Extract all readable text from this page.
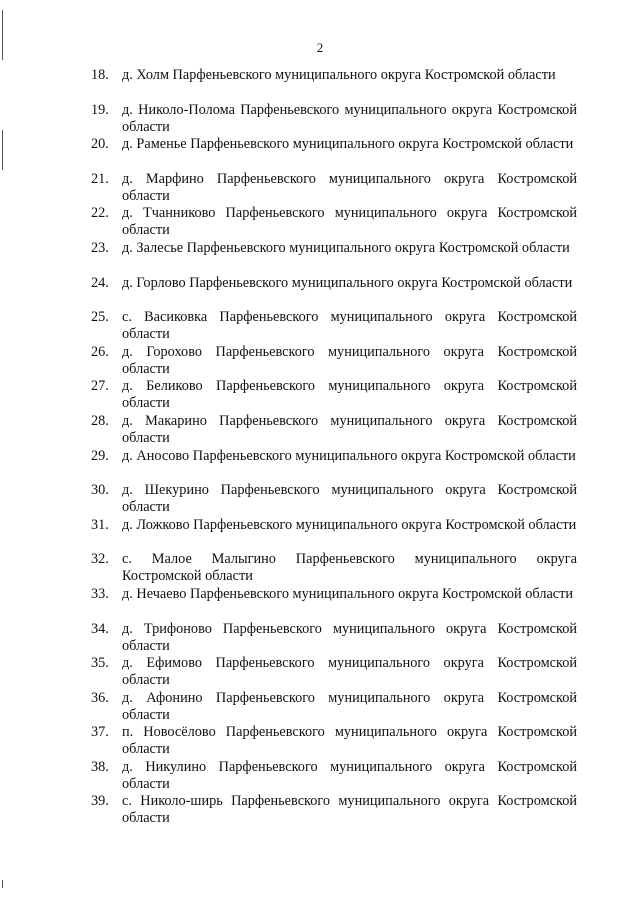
2
18. д. Холм Парфеньевского муниципального округа Костромской области
19. д. Николо-Полома Парфеньевского муниципального округа Костромской области
20. д. Раменье Парфеньевского муниципального округа Костромской области
21. д. Марфино Парфеньевского муниципального округа Костромской области
22. д. Тчанниково Парфеньевского муниципального округа Костромской области
23. д. Залесье Парфеньевского муниципального округа Костромской области
24. д. Горлово Парфеньевского муниципального округа Костромской области
25. с. Васиковка Парфеньевского муниципального округа Костромской области
26. д. Горохово Парфеньевского муниципального округа Костромской области
27. д. Беликово Парфеньевского муниципального округа Костромской области
28. д. Макарино Парфеньевского муниципального округа Костромской области
29. д. Аносово Парфеньевского муниципального округа Костромской области
30. д. Шекурино Парфеньевского муниципального округа Костромской области
31. д. Ложково Парфеньевского муниципального округа Костромской области
32. с. Малое Малыгино Парфеньевского муниципального округа Костромской области
33. д. Нечаево Парфеньевского муниципального округа Костромской области
34. д. Трифоново Парфеньевского муниципального округа Костромской области
35. д. Ефимово Парфеньевского муниципального округа Костромской области
36. д. Афонино Парфеньевского муниципального округа Костромской области
37. п. Новосёлово Парфеньевского муниципального округа Костромской области
38. д. Никулино Парфеньевского муниципального округа Костромской области
39. с. Николо-ширь Парфеньевского муниципального округа Костромской области
